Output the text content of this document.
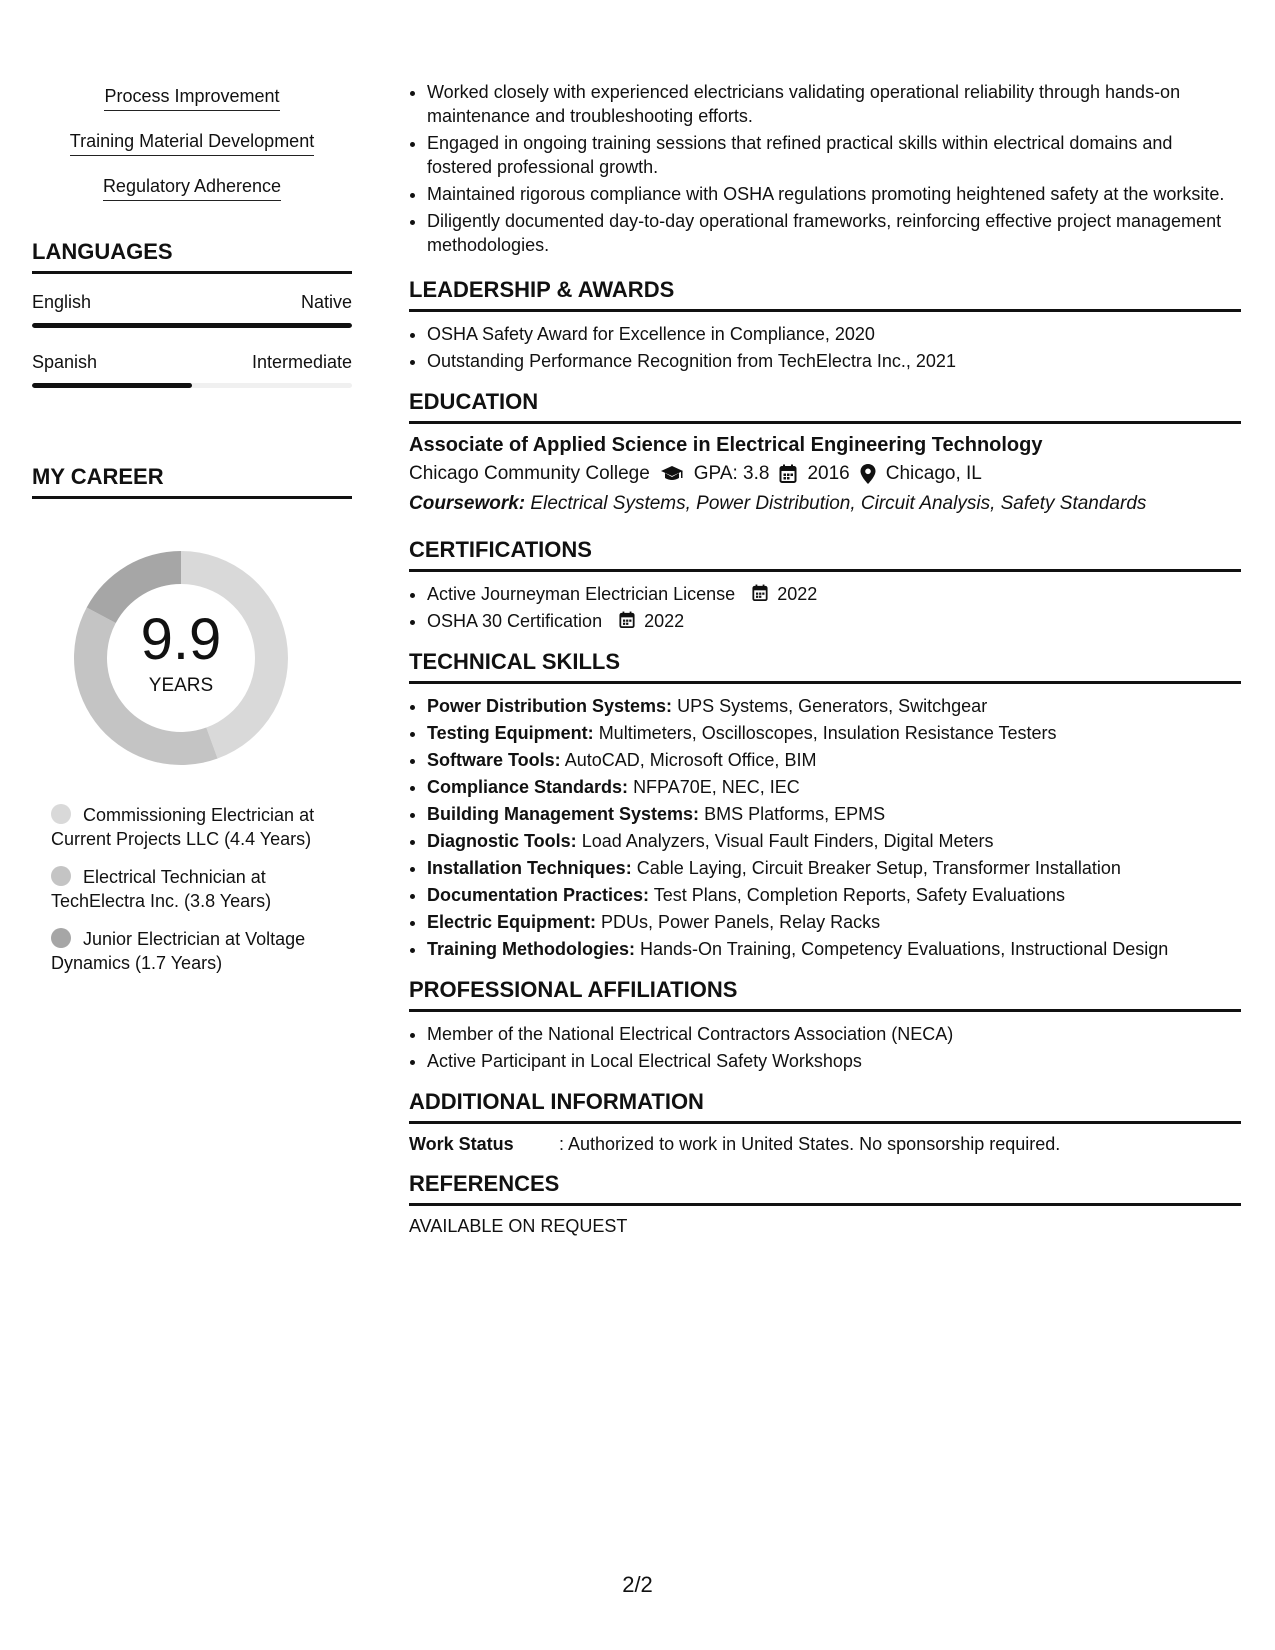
Process Improvement
Training Material Development
Regulatory Adherence
LANGUAGES
English	Native
Spanish	Intermediate
MY CAREER
9.9
YEARS
Commissioning Electrician at Current Projects LLC (4.4 Years)
Electrical Technician at TechElectra Inc. (3.8 Years)
Junior Electrician at Voltage Dynamics (1.7 Years)
• Worked closely with experienced electricians validating operational reliability through hands-on maintenance and troubleshooting efforts.
• Engaged in ongoing training sessions that refined practical skills within electrical domains and fostered professional growth.
• Maintained rigorous compliance with OSHA regulations promoting heightened safety at the worksite.
• Diligently documented day-to-day operational frameworks, reinforcing effective project management methodologies.
LEADERSHIP & AWARDS
• OSHA Safety Award for Excellence in Compliance, 2020
• Outstanding Performance Recognition from TechElectra Inc., 2021
EDUCATION
Associate of Applied Science in Electrical Engineering Technology
Chicago Community College GPA: 3.8 2016 Chicago, IL
Coursework: Electrical Systems, Power Distribution, Circuit Analysis, Safety Standards
CERTIFICATIONS
• Active Journeyman Electrician License 2022
• OSHA 30 Certification 2022
TECHNICAL SKILLS
• Power Distribution Systems: UPS Systems, Generators, Switchgear
• Testing Equipment: Multimeters, Oscilloscopes, Insulation Resistance Testers
• Software Tools: AutoCAD, Microsoft Office, BIM
• Compliance Standards: NFPA70E, NEC, IEC
• Building Management Systems: BMS Platforms, EPMS
• Diagnostic Tools: Load Analyzers, Visual Fault Finders, Digital Meters
• Installation Techniques: Cable Laying, Circuit Breaker Setup, Transformer Installation
• Documentation Practices: Test Plans, Completion Reports, Safety Evaluations
• Electric Equipment: PDUs, Power Panels, Relay Racks
• Training Methodologies: Hands-On Training, Competency Evaluations, Instructional Design
PROFESSIONAL AFFILIATIONS
• Member of the National Electrical Contractors Association (NECA)
• Active Participant in Local Electrical Safety Workshops
ADDITIONAL INFORMATION
Work Status	: Authorized to work in United States. No sponsorship required.
REFERENCES
AVAILABLE ON REQUEST
2/2
